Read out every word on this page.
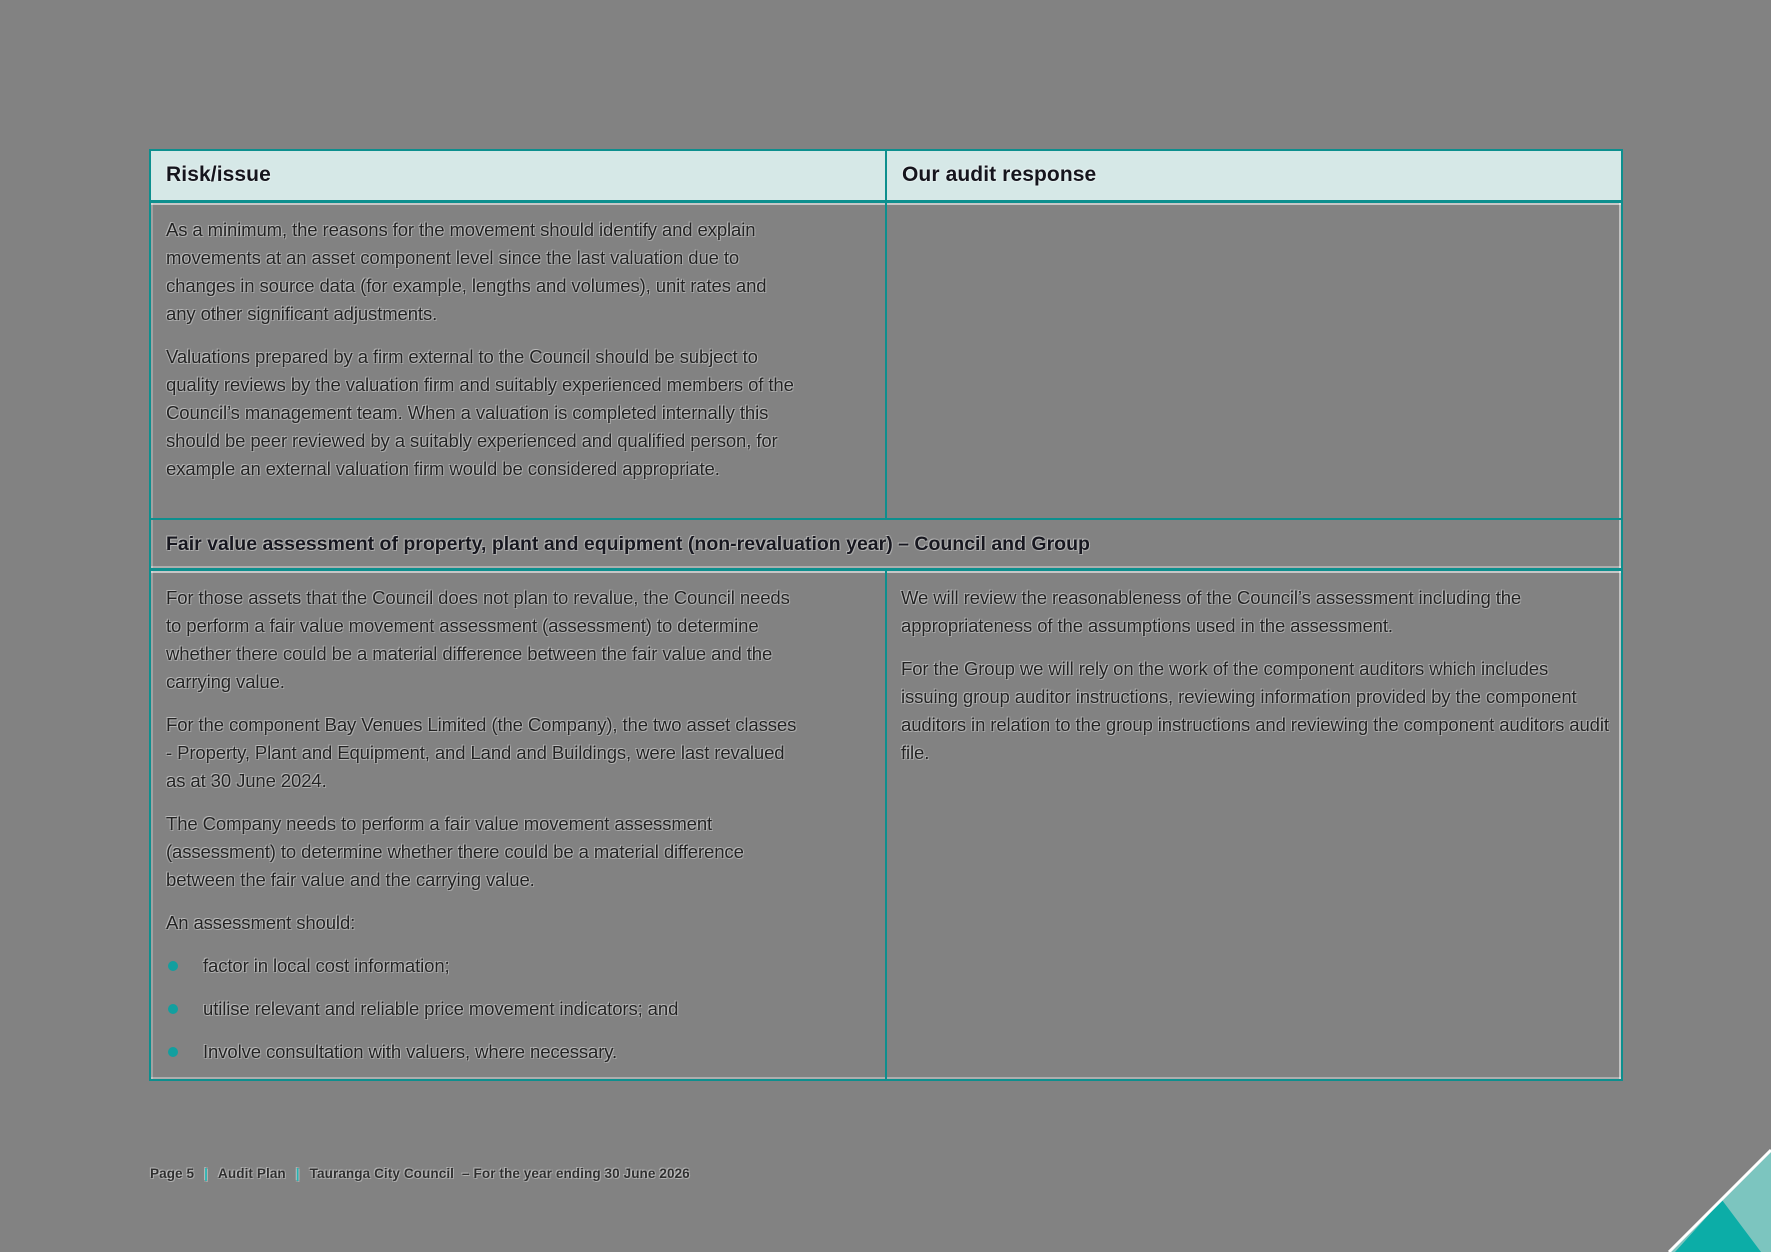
Risk/issue	Our audit response

As a minimum, the reasons for the movement should identify and explain movements at an asset component level since the last valuation due to changes in source data (for example, lengths and volumes), unit rates and any other significant adjustments.

Valuations prepared by a firm external to the Council should be subject to quality reviews by the valuation firm and suitably experienced members of the Council’s management team. When a valuation is completed internally this should be peer reviewed by a suitably experienced and qualified person, for example an external valuation firm would be considered appropriate.

Fair value assessment of property, plant and equipment (non-revaluation year) – Council and Group

For those assets that the Council does not plan to revalue, the Council needs to perform a fair value movement assessment (assessment) to determine whether there could be a material difference between the fair value and the carrying value.

For the component Bay Venues Limited (the Company), the two asset classes - Property, Plant and Equipment, and Land and Buildings, were last revalued as at 30 June 2024.

The Company needs to perform a fair value movement assessment (assessment) to determine whether there could be a material difference between the fair value and the carrying value.

An assessment should:

factor in local cost information;
utilise relevant and reliable price movement indicators; and
Involve consultation with valuers, where necessary.

We will review the reasonableness of the Council’s assessment including the appropriateness of the assumptions used in the assessment.

For the Group we will rely on the work of the component auditors which includes issuing group auditor instructions, reviewing information provided by the component auditors in relation to the group instructions and reviewing the component auditors audit file.

Page 5 | Audit Plan | Tauranga City Council – For the year ending 30 June 2026
